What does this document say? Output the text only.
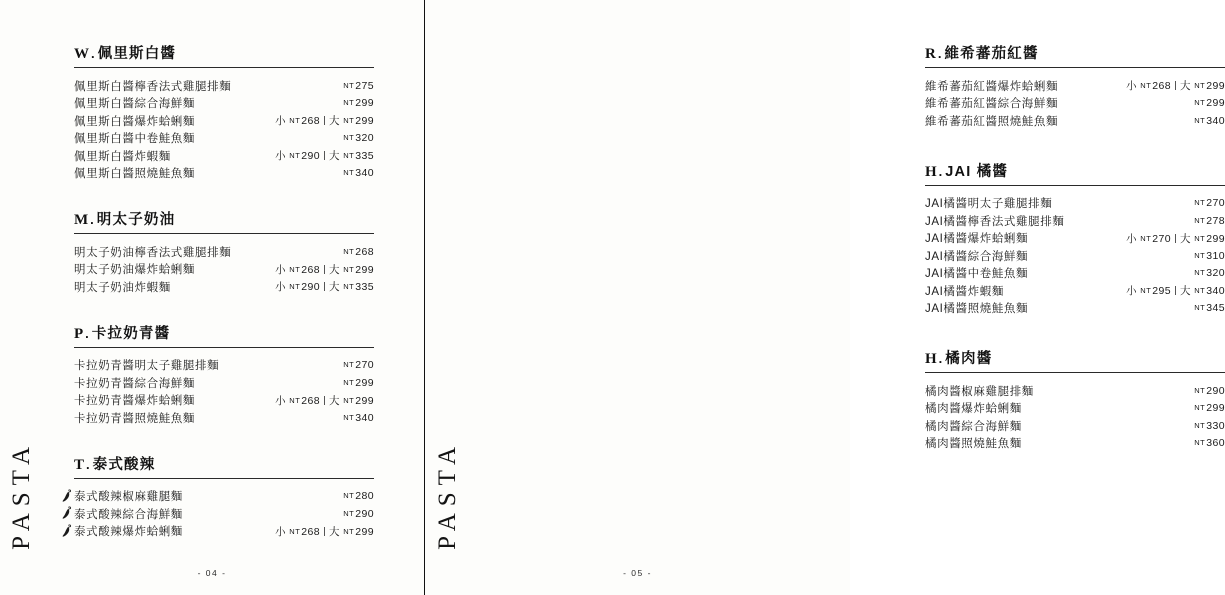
PASTA	PASTA
W . 佩里斯白醬
佩里斯白醬檸香法式雞腿排麵	NT275
佩里斯白醬綜合海鮮麵	NT299
佩里斯白醬爆炸蛤蜊麵	小 NT268 大 NT299
佩里斯白醬中卷鮭魚麵	NT320
佩里斯白醬炸蝦麵	小 NT290 大 NT335
佩里斯白醬照燒鮭魚麵	NT340
M . 明太子奶油
明太子奶油檸香法式雞腿排麵	NT268
明太子奶油爆炸蛤蜊麵	小 NT268 大 NT299
明太子奶油炸蝦麵	小 NT290 大 NT335
P . 卡拉奶青醬
卡拉奶青醬明太子雞腿排麵	NT270
卡拉奶青醬綜合海鮮麵	NT299
卡拉奶青醬爆炸蛤蜊麵	小 NT268 大 NT299
卡拉奶青醬照燒鮭魚麵	NT340
T . 泰式酸辣
泰式酸辣椒麻雞腿麵	NT280
泰式酸辣綜合海鮮麵	NT290
泰式酸辣爆炸蛤蜊麵	小 NT268 大 NT299
- 04 -
R . 維希蕃茄紅醬
維希蕃茄紅醬爆炸蛤蜊麵	小 NT268 大 NT299
維希蕃茄紅醬綜合海鮮麵	NT299
維希蕃茄紅醬照燒鮭魚麵	NT340
H . JAI 橘醬
JAI橘醬明太子雞腿排麵	NT270
JAI橘醬檸香法式雞腿排麵	NT278
JAI橘醬爆炸蛤蜊麵	小 NT270 大 NT299
JAI橘醬綜合海鮮麵	NT310
JAI橘醬中卷鮭魚麵	NT320
JAI橘醬炸蝦麵	小 NT295 大 NT340
JAI橘醬照燒鮭魚麵	NT345
H . 橘肉醬
橘肉醬椒麻雞腿排麵	NT290
橘肉醬爆炸蛤蜊麵	NT299
橘肉醬綜合海鮮麵	NT330
橘肉醬照燒鮭魚麵	NT360
- 05 -
